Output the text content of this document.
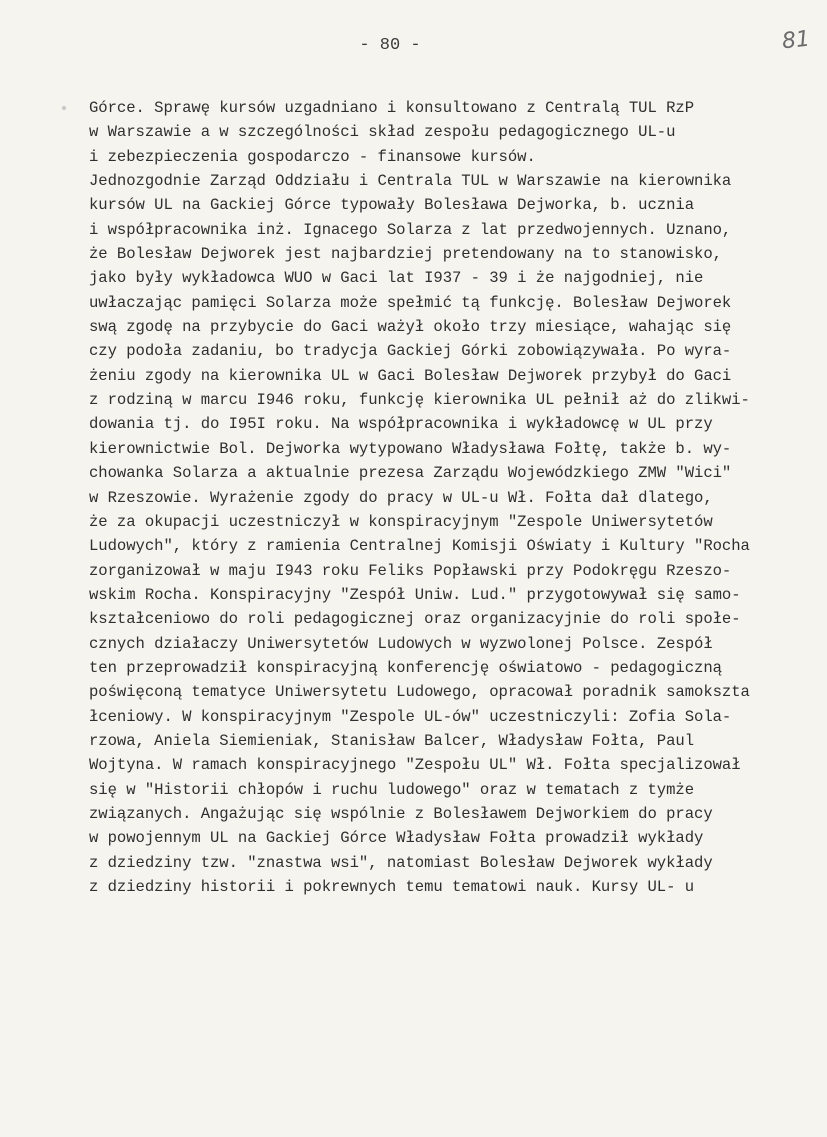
- 80 -	81
Górce. Sprawę kursów uzgadniano i konsultowano z Centralą TUL RzP
w Warszawie a w szczególności skład zespołu pedagogicznego UL-u
i zebezpieczenia gospodarczo - finansowe kursów.
Jednozgodnie Zarząd Oddziału i Centrala TUL w Warszawie na kierownika
kursów UL na Gackiej Górce typowały Bolesława Dejworka, b. ucznia
i współpracownika inż. Ignacego Solarza z lat przedwojennych. Uznano,
że Bolesław Dejworek jest najbardziej pretendowany na to stanowisko,
jako były wykładowca WUO w Gaci lat I937 - 39 i że najgodniej, nie
uwłaczając pamięci Solarza może spełmić tą funkcję. Bolesław Dejworek
swą zgodę na przybycie do Gaci ważył około trzy miesiące, wahając się
czy podoła zadaniu, bo tradycja Gackiej Górki zobowiązywała. Po wyra-
żeniu zgody na kierownika UL w Gaci Bolesław Dejworek przybył do Gaci
z rodziną w marcu I946 roku, funkcję kierownika UL pełnił aż do zlikwi-
dowania tj. do I95I roku. Na współpracownika i wykładowcę w UL przy
kierownictwie Bol. Dejworka wytypowano Władysława Fołtę, także b. wy-
chowanka Solarza a aktualnie prezesa Zarządu Wojewódzkiego ZMW "Wici"
w Rzeszowie. Wyrażenie zgody do pracy w UL-u Wł. Fołta dał dlatego,
że za okupacji uczestniczył w konspiracyjnym "Zespole Uniwersytetów
Ludowych", który z ramienia Centralnej Komisji Oświaty i Kultury "Rocha
zorganizował w maju I943 roku Feliks Popławski przy Podokręgu Rzeszo-
wskim Rocha. Konspiracyjny "Zespół Uniw. Lud." przygotowywał się samo-
kształceniowo do roli pedagogicznej oraz organizacyjnie do roli społe-
cznych działaczy Uniwersytetów Ludowych w wyzwolonej Polsce. Zespół
ten przeprowadził konspiracyjną konferencję oświatowo - pedagogiczną
poświęconą tematyce Uniwersytetu Ludowego, opracował poradnik samokszta
łceniowy. W konspiracyjnym "Zespole UL-ów" uczestniczyli: Zofia Sola-
rzowa, Aniela Siemieniak, Stanisław Balcer, Władysław Fołta, Paul
Wojtyna. W ramach konspiracyjnego "Zespołu UL" Wł. Fołta specjalizował
się w "Historii chłopów i ruchu ludowego" oraz w tematach z tymże
związanych. Angażując się wspólnie z Bolesławem Dejworkiem do pracy
w powojennym UL na Gackiej Górce Władysław Fołta prowadził wykłady
z dziedziny tzw. "znastwa wsi", natomiast Bolesław Dejworek wykłady
z dziedziny historii i pokrewnych temu tematowi nauk. Kursy UL- u
